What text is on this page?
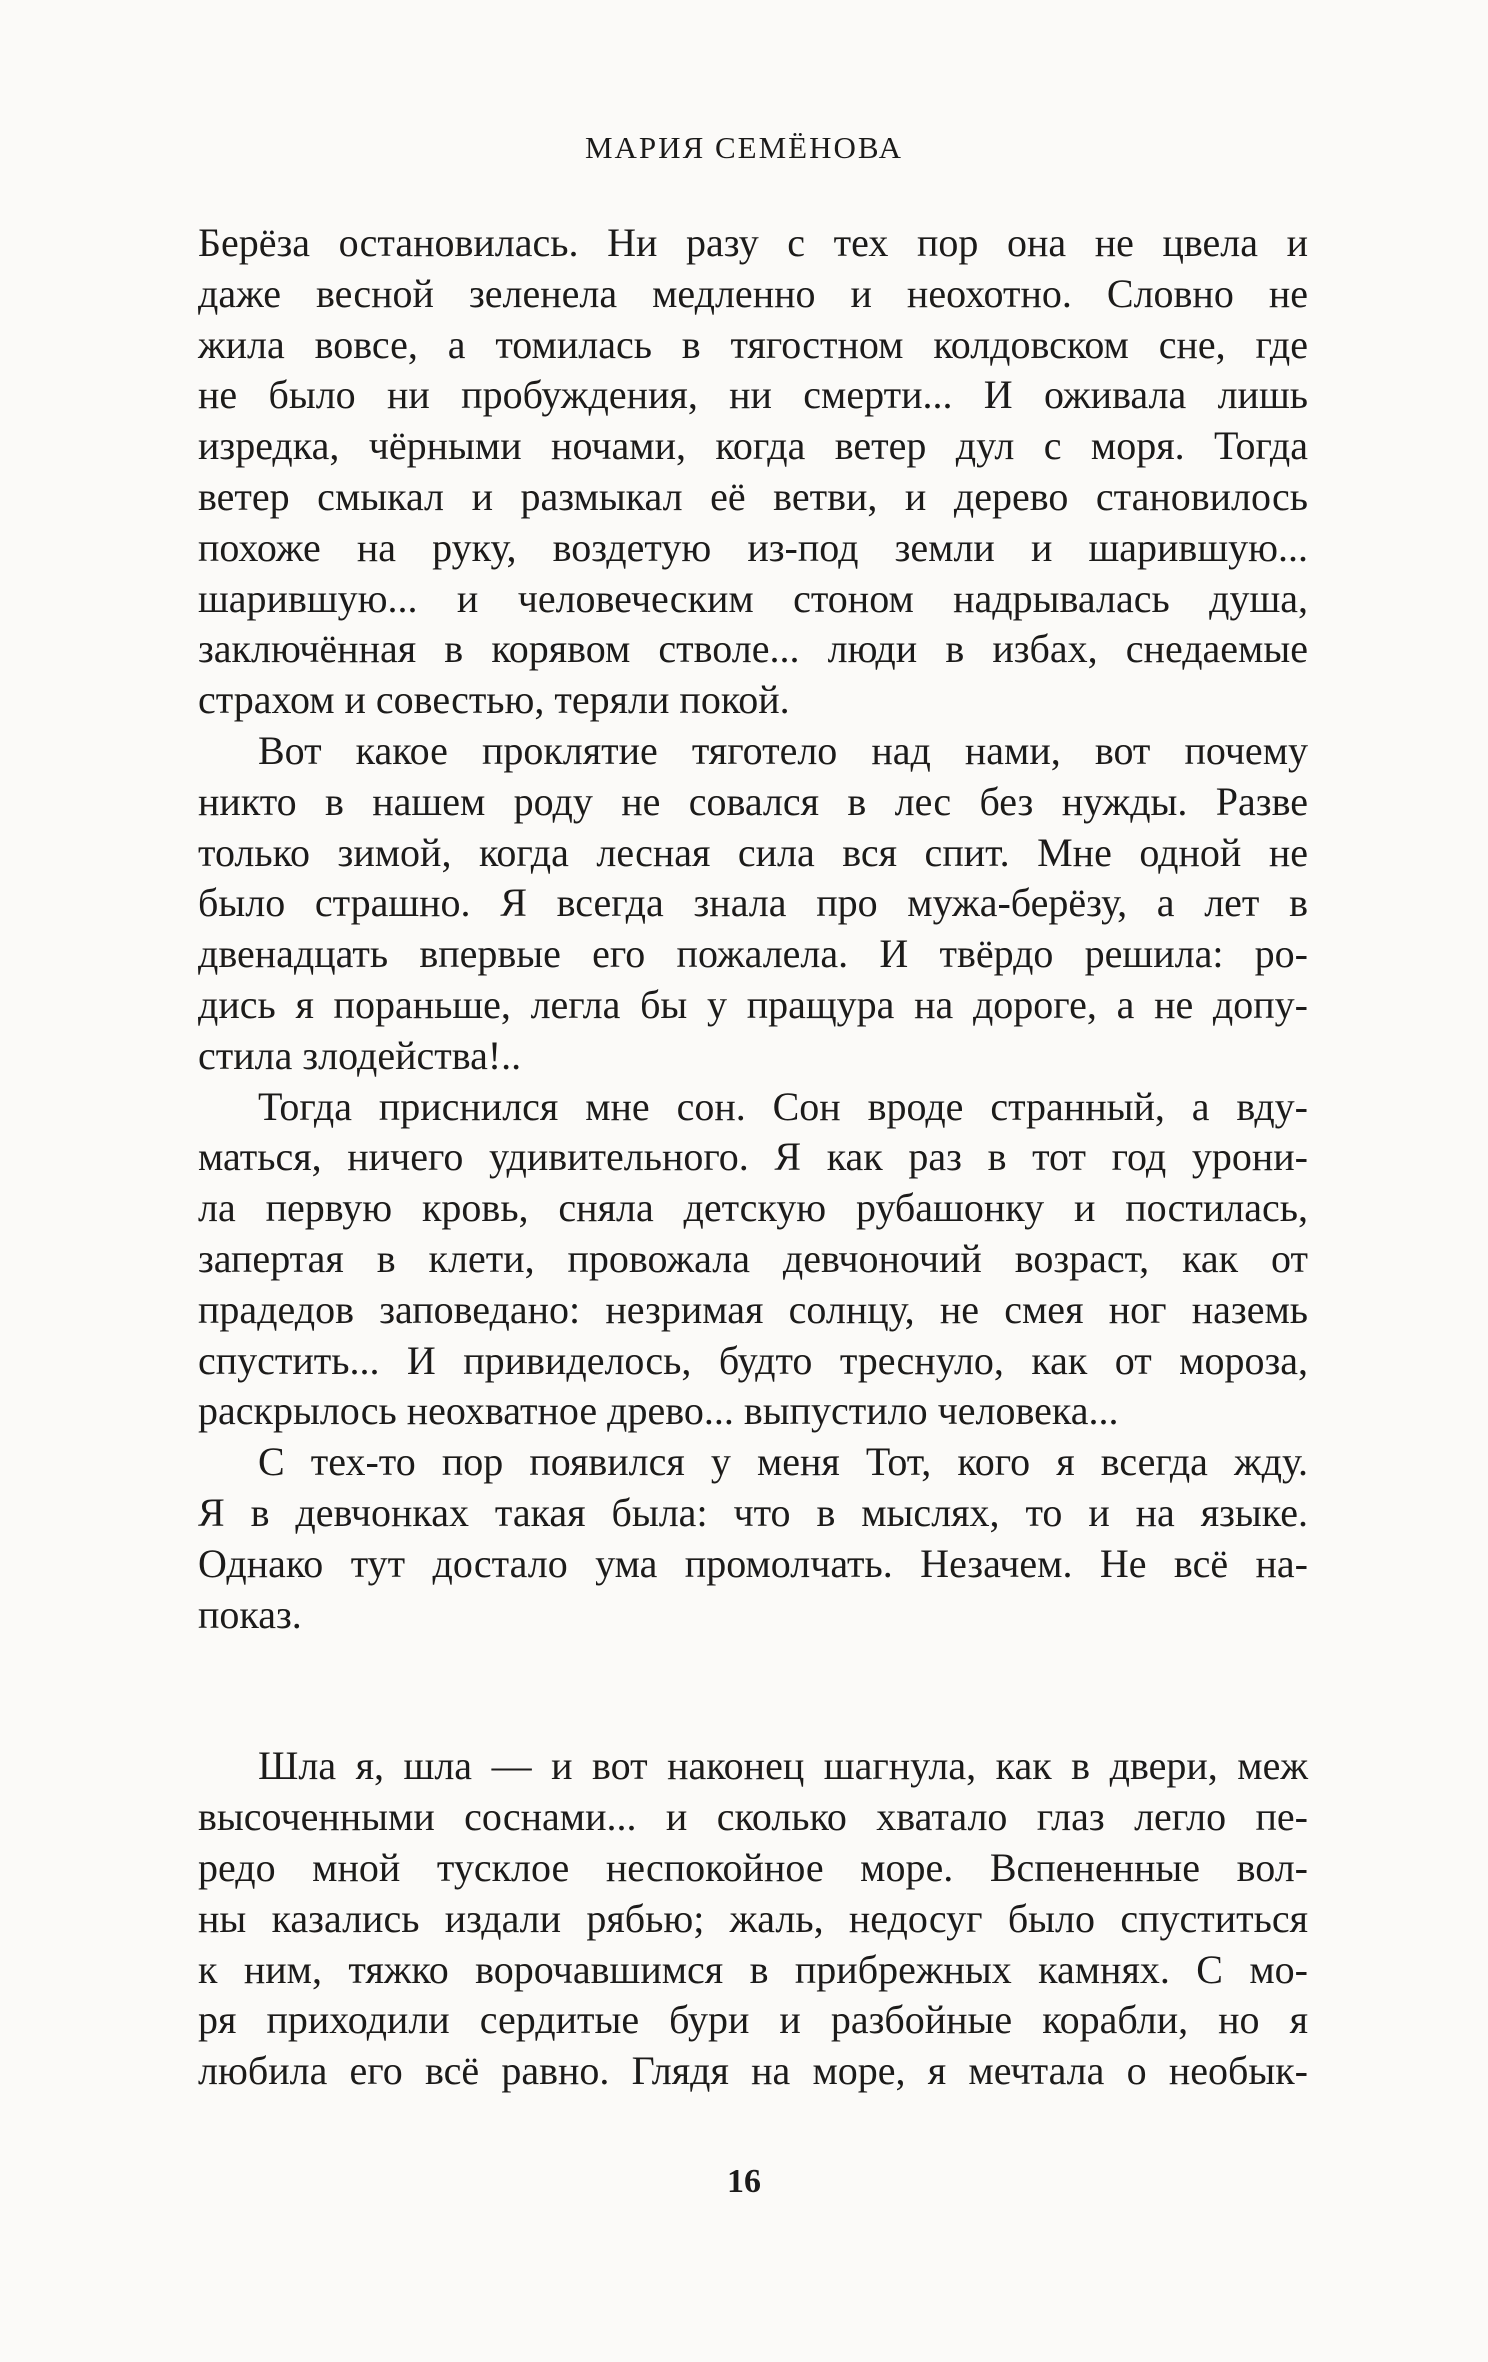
МАРИЯ СЕМЁНОВА
Берёза остановилась. Ни разу с тех пор она не цвела и
даже весной зеленела медленно и неохотно. Словно не
жила вовсе, а томилась в тягостном колдовском сне, где
не было ни пробуждения, ни смерти... И оживала лишь
изредка, чёрными ночами, когда ветер дул с моря. Тогда
ветер смыкал и размыкал её ветви, и дерево становилось
похоже на руку, воздетую из-под земли и шарившую...
шарившую... и человеческим стоном надрывалась душа,
заключённая в корявом стволе... люди в избах, снедаемые
страхом и совестью, теряли покой.
Вот какое проклятие тяготело над нами, вот почему
никто в нашем роду не совался в лес без нужды. Разве
только зимой, когда лесная сила вся спит. Мне одной не
было страшно. Я всегда знала про мужа-берёзу, а лет в
двенадцать впервые его пожалела. И твёрдо решила: ро-
дись я пораньше, легла бы у пращура на дороге, а не допу-
стила злодейства!..
Тогда приснился мне сон. Сон вроде странный, а вду-
маться, ничего удивительного. Я как раз в тот год урони-
ла первую кровь, сняла детскую рубашонку и постилась,
запертая в клети, провожала девчоночий возраст, как от
прадедов заповедано: незримая солнцу, не смея ног наземь
спустить... И привиделось, будто треснуло, как от мороза,
раскрылось неохватное древо... выпустило человека...
С тех-то пор появился у меня Тот, кого я всегда жду.
Я в девчонках такая была: что в мыслях, то и на языке.
Однако тут достало ума промолчать. Незачем. Не всё на-
показ.
Шла я, шла — и вот наконец шагнула, как в двери, меж
высоченными соснами... и сколько хватало глаз легло пе-
редо мной тусклое неспокойное море. Вспененные вол-
ны казались издали рябью; жаль, недосуг было спуститься
к ним, тяжко ворочавшимся в прибрежных камнях. С мо-
ря приходили сердитые бури и разбойные корабли, но я
любила его всё равно. Глядя на море, я мечтала о необык-
16
